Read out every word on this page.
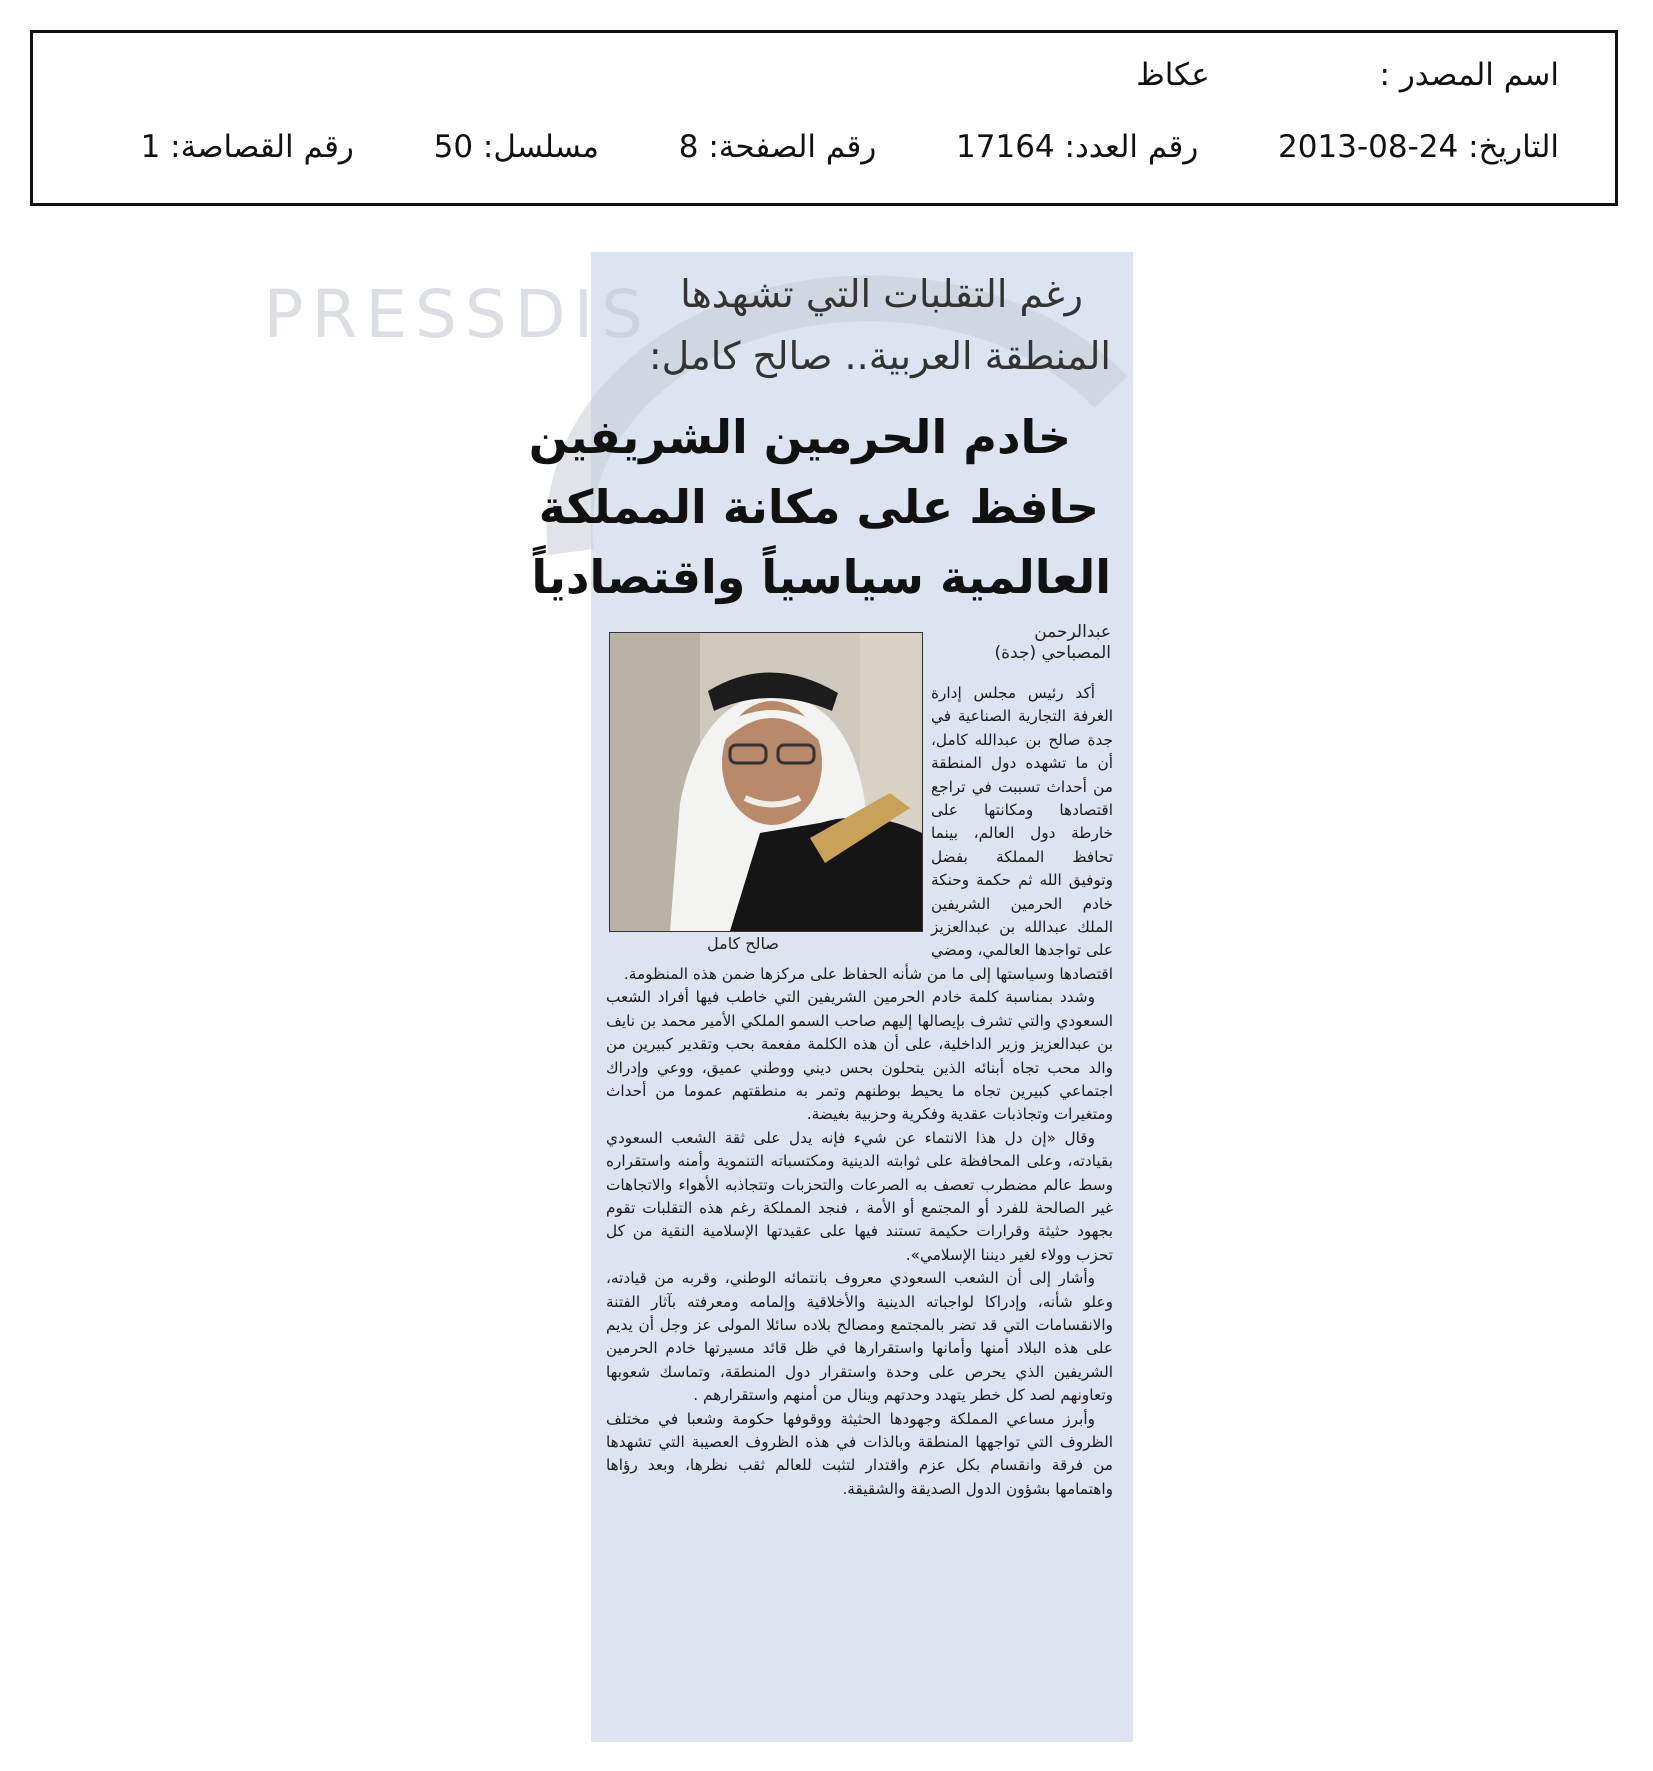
اسم المصدر :  عكاظ
التاريخ: 24-08-2013  رقم العدد: 17164  رقم الصفحة: 8  مسلسل: 50  رقم القصاصة: 1
PRESSDIS رغم التقلبات التي تشهدها
المنطقة العربية.. صالح كامل:
خادم الحرمين الشريفين
حافظ على مكانة المملكة
العالمية سياسياً واقتصادياً
عبدالرحمن
المصباحي (جدة)
صالح كامل

أكد رئيس مجلس إدارة الغرفة التجارية الصناعية في جدة صالح بن عبدالله كامل، أن ما تشهده دول المنطقة من أحداث تسببت في تراجع اقتصادها ومكانتها على خارطة دول العالم، بينما تحافظ المملكة بفضل وتوفيق الله ثم حكمة وحنكة خادم الحرمين الشريفين الملك عبدالله بن عبدالعزيز على تواجدها العالمي، ومضي اقتصادها وسياستها إلى ما من شأنه الحفاظ على مركزها ضمن هذه المنظومة.

وشدد بمناسبة كلمة خادم الحرمين الشريفين التي خاطب فيها أفراد الشعب السعودي والتي تشرف بإيصالها إليهم صاحب السمو الملكي الأمير محمد بن نايف بن عبدالعزيز وزير الداخلية، على أن هذه الكلمة مفعمة بحب وتقدير كبيرين من والد محب تجاه أبنائه الذين يتحلون بحس ديني ووطني عميق، ووعي وإدراك اجتماعي كبيرين تجاه ما يحيط بوطنهم وتمر به منطقتهم عموما من أحداث ومتغيرات وتجاذبات عقدية وفكرية وحزبية بغيضة.

وقال «إن دل هذا الانتماء عن شيء فإنه يدل على ثقة الشعب السعودي بقيادته، وعلى المحافظة على ثوابته الدينية ومكتسباته التنموية وأمنه واستقراره وسط عالم مضطرب تعصف به الصرعات والتحزبات وتتجاذبه الأهواء والاتجاهات غير الصالحة للفرد أو المجتمع أو الأمة ، فنجد المملكة رغم هذه التقلبات تقوم بجهود حثيثة وقرارات حكيمة تستند فيها على عقيدتها الإسلامية النقية من كل تحزب وولاء لغير ديننا الإسلامي».

وأشار إلى أن الشعب السعودي معروف بانتمائه الوطني، وقربه من قيادته، وعلو شأنه، وإدراكا لواجباته الدينية والأخلاقية وإلمامه ومعرفته بآثار الفتنة والانقسامات التي قد تضر بالمجتمع ومصالح بلاده سائلا المولى عز وجل أن يديم على هذه البلاد أمنها وأمانها واستقرارها في ظل قائد مسيرتها خادم الحرمين الشريفين الذي يحرص على وحدة واستقرار دول المنطقة، وتماسك شعوبها وتعاونهم لصد كل خطر يتهدد وحدتهم وينال من أمنهم واستقرارهم .

وأبرز مساعي المملكة وجهودها الحثيثة ووقوفها حكومة وشعبا في مختلف الظروف التي تواجهها المنطقة وبالذات في هذه الظروف العصيبة التي تشهدها من فرقة وانقسام بكل عزم واقتدار لتثبت للعالم ثقب نظرها، وبعد رؤاها واهتمامها بشؤون الدول الصديقة والشقيقة.
